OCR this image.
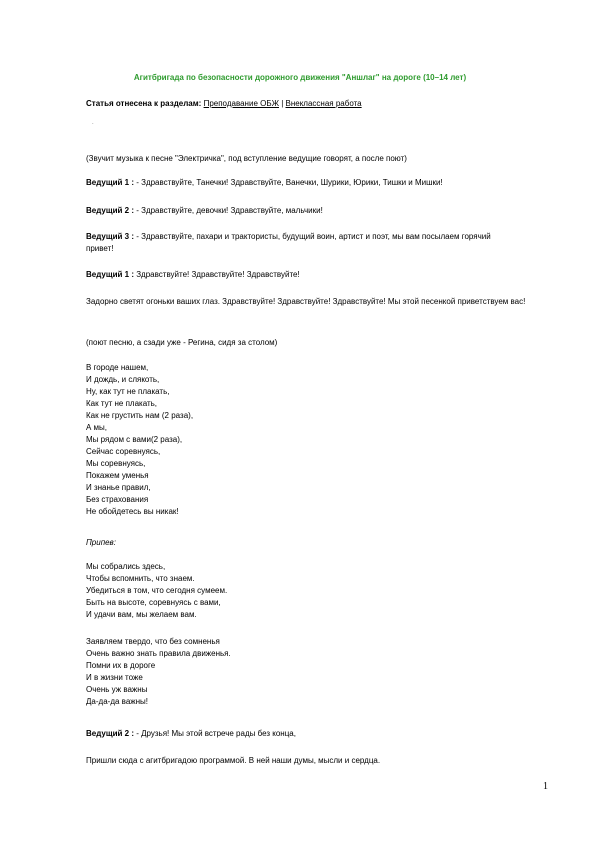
Агитбригада по безопасности дорожного движения "Аншлаг" на дороге (10–14 лет)
Статья отнесена к разделам: Преподавание ОБЖ | Внеклассная работа
.
(Звучит музыка к песне "Электричка", под вступление ведущие говорят, а после поют)
Ведущий 1 : - Здравствуйте, Танечки! Здравствуйте, Ванечки, Шурики, Юрики, Тишки и Мишки!
Ведущий 2 : - Здравствуйте, девочки! Здравствуйте, мальчики!
Ведущий 3 : - Здравствуйте, пахари и трактористы, будущий воин, артист и поэт, мы вам посылаем горячий привет!
Ведущий 1 : Здравствуйте! Здравствуйте! Здравствуйте!
Задорно светят огоньки ваших глаз. Здравствуйте! Здравствуйте! Здравствуйте! Мы этой песенкой приветствуем вас!
(поют песню, а сзади уже - Регина, сидя за столом)
В городе нашем,
И дождь, и слякоть,
Ну, как тут не плакать,
Как тут не плакать,
Как не грустить нам (2 раза),
А мы,
Мы рядом с вами(2 раза),
Сейчас соревнуясь,
Мы соревнуясь,
Покажем уменья
И знанье правил,
Без страхования
Не обойдетесь вы никак!
Припев:
Мы собрались здесь,
Чтобы вспомнить, что знаем.
Убедиться в том, что сегодня сумеем.
Быть на высоте, соревнуясь с вами,
И удачи вам, мы желаем вам.
Заявляем твердо, что без сомненья
Очень важно знать правила движенья.
Помни их в дороге
И в жизни тоже
Очень уж важны
Да-да-да важны!
Ведущий 2 : - Друзья! Мы этой встрече рады без конца,
Пришли сюда с агитбригадою программой. В ней наши думы, мысли и сердца.
1
